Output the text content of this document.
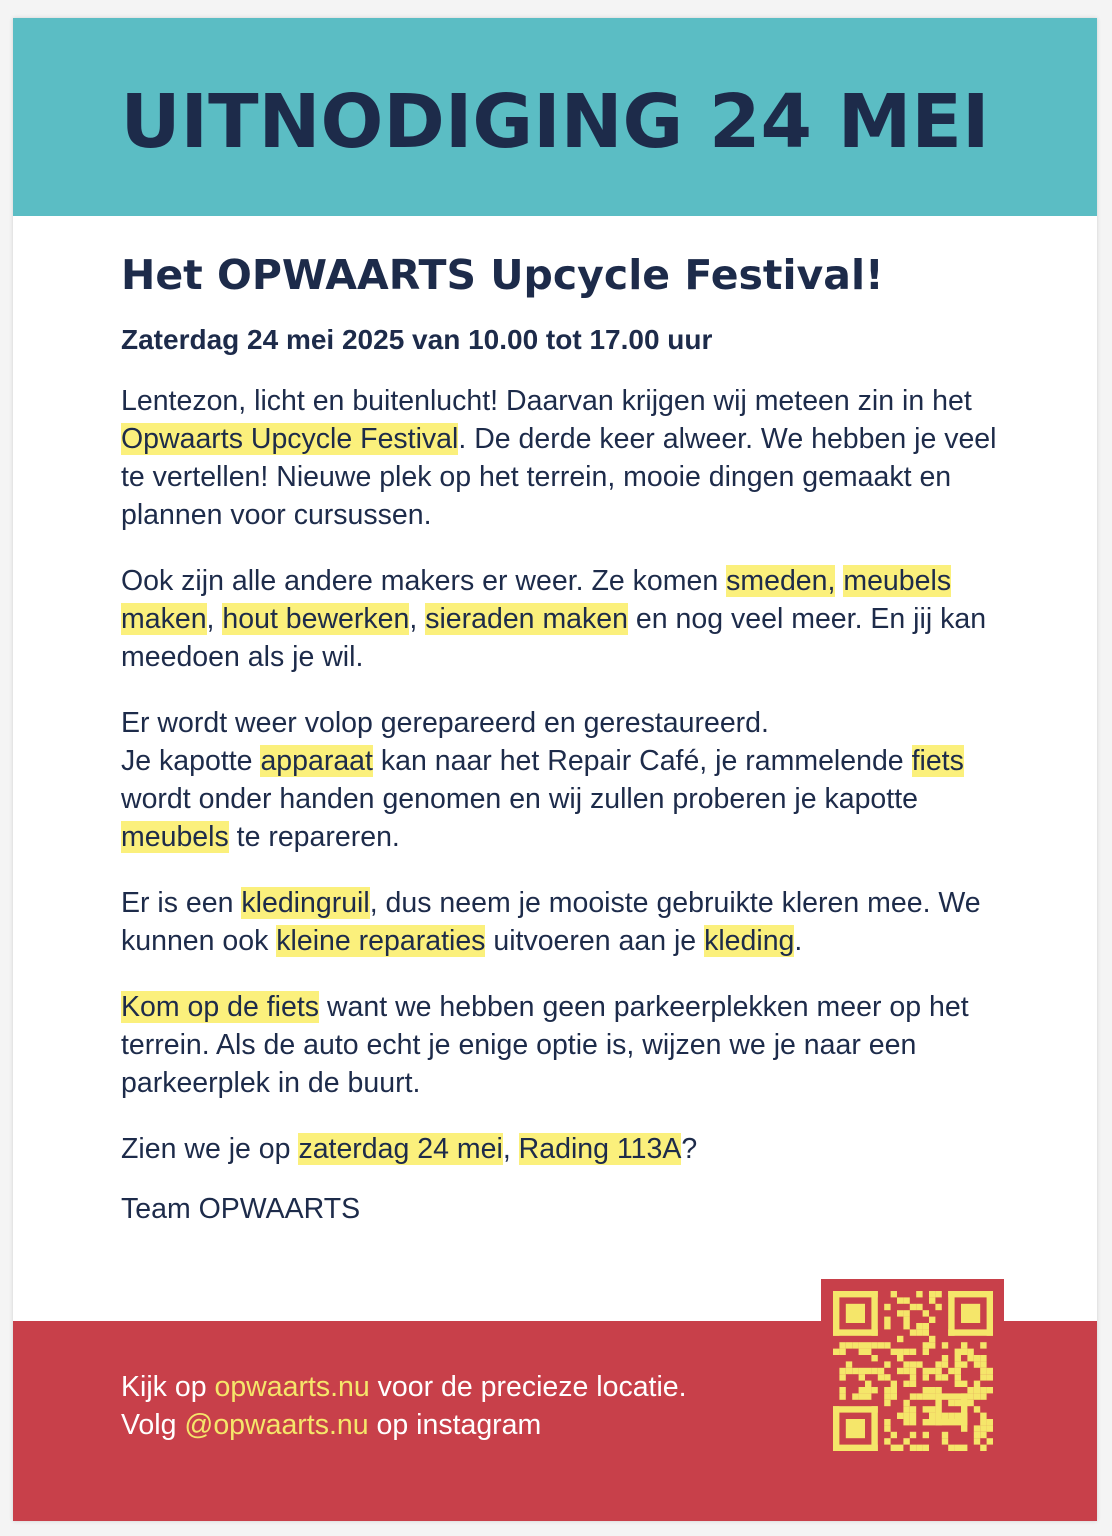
UITNODIGING 24 MEI
Het OPWAARTS Upcycle Festival!

Zaterdag 24 mei 2025 van 10.00 tot 17.00 uur

Lentezon, licht en buitenlucht! Daarvan krijgen wij meteen zin in het Opwaarts Upcycle Festival. De derde keer alweer. We hebben je veel te vertellen! Nieuwe plek op het terrein, mooie dingen gemaakt en plannen voor cursussen.

Ook zijn alle andere makers er weer. Ze komen smeden, meubels maken, hout bewerken, sieraden maken en nog veel meer. En jij kan meedoen als je wil.

Er wordt weer volop gerepareerd en gerestaureerd.
Je kapotte apparaat kan naar het Repair Café, je rammelende fiets wordt onder handen genomen en wij zullen proberen je kapotte meubels te repareren.

Er is een kledingruil, dus neem je mooiste gebruikte kleren mee. We kunnen ook kleine reparaties uitvoeren aan je kleding.

Kom op de fiets want we hebben geen parkeerplekken meer op het terrein. Als de auto echt je enige optie is, wijzen we je naar een parkeerplek in de buurt.

Zien we je op zaterdag 24 mei, Rading 113A?

Team OPWAARTS

Kijk op opwaarts.nu voor de precieze locatie.
Volg @opwaarts.nu op instagram
